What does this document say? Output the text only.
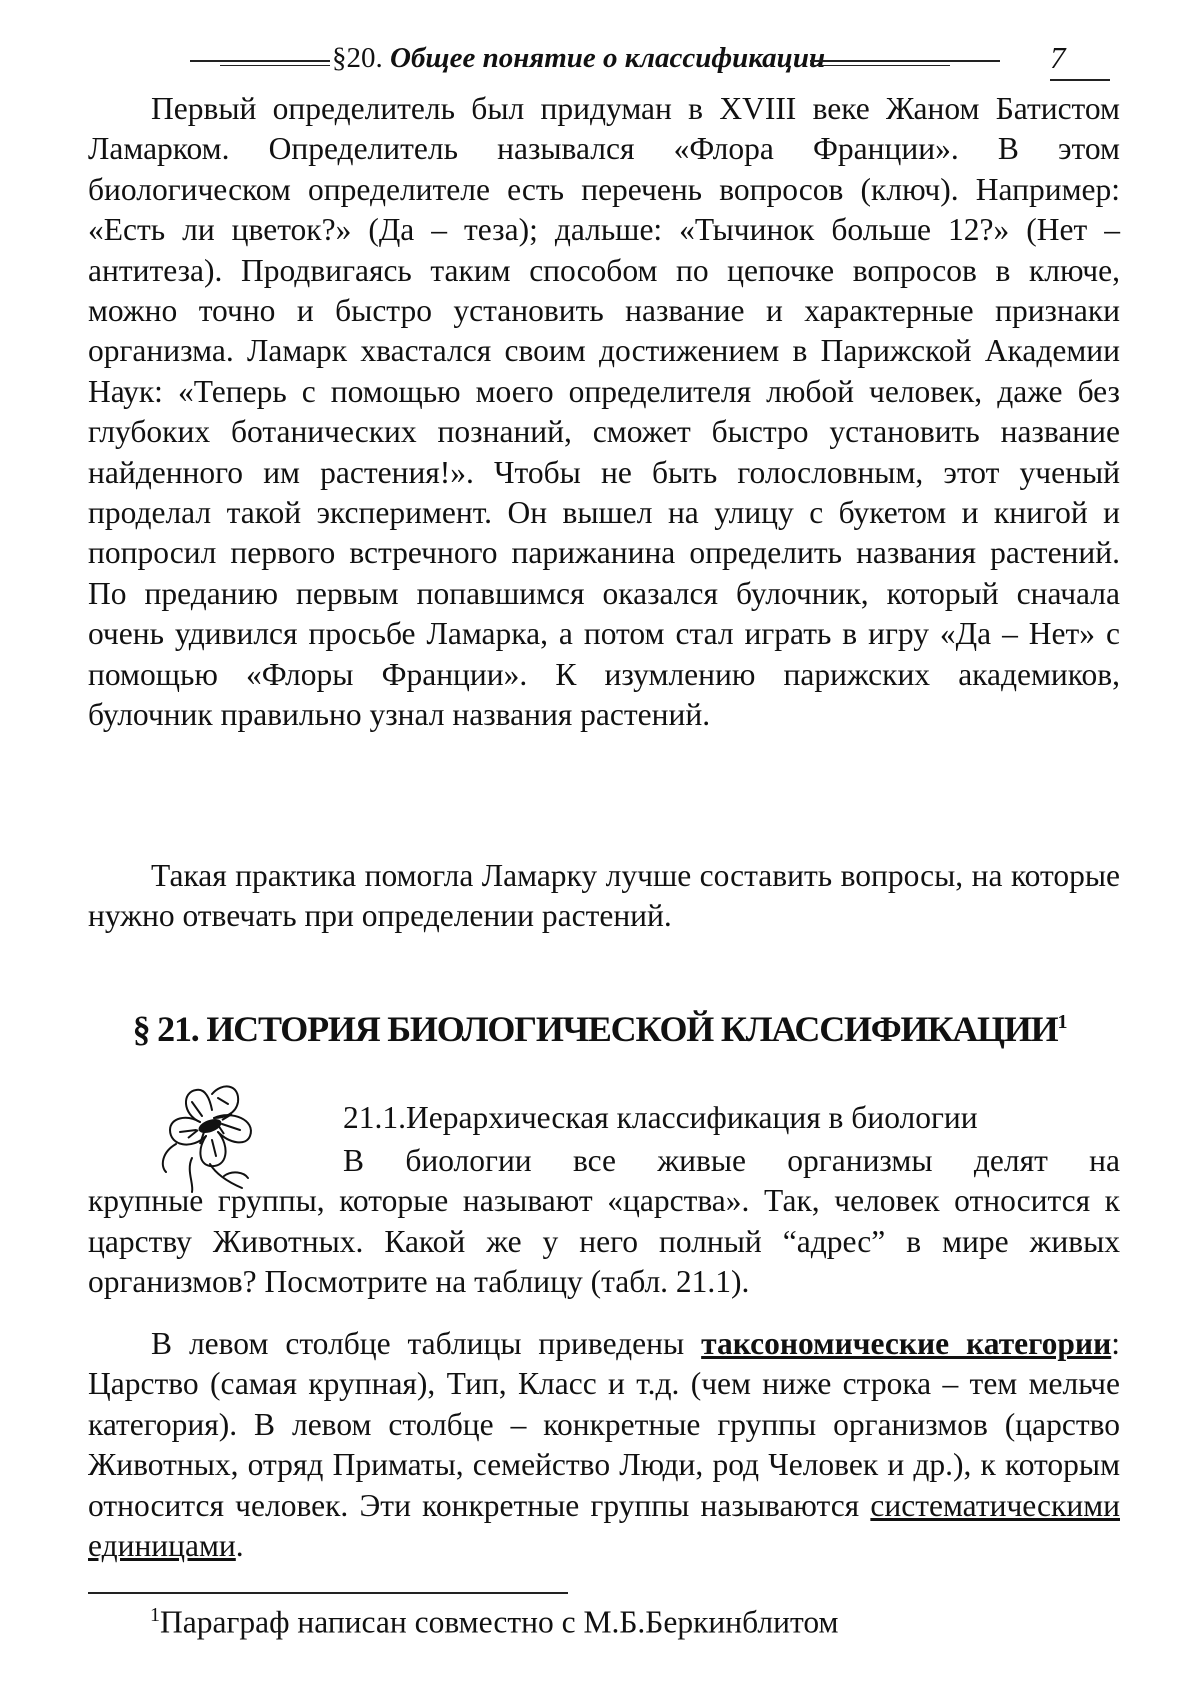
§20. Общее понятие о классификации	7

Первый определитель был придуман в XVIII веке Жаном Батистом Ламарком. Определитель назывался «Флора Франции». В этом биологическом определителе есть перечень вопросов (ключ). Например: «Есть ли цветок?» (Да – теза); дальше: «Тычинок больше 12?» (Нет – антитеза). Продвигаясь таким способом по цепочке вопросов в ключе, можно точно и быстро установить название и характерные признаки организма. Ламарк хвастался своим достижением в Парижской Академии Наук: «Теперь с помощью моего определителя любой человек, даже без глубоких ботанических познаний, сможет быстро установить название найденного им растения!». Чтобы не быть голословным, этот ученый проделал такой эксперимент. Он вышел на улицу с букетом и книгой и попросил первого встречного парижанина определить названия растений. По преданию первым попавшимся оказался булочник, который сначала очень удивился просьбе Ламарка, а потом стал играть в игру «Да – Нет» с помощью «Флоры Франции». К изумлению парижских академиков, булочник правильно узнал названия растений.

Такая практика помогла Ламарку лучше составить вопросы, на которые нужно отвечать при определении растений.

§ 21. ИСТОРИЯ БИОЛОГИЧЕСКОЙ КЛАССИФИКАЦИИ$^1$
21.1.Иерархическая классификация в биологии

В биологии все живые организмы делят на
крупные группы, которые называют «царства». Так, человек относится к царству Животных. Какой же у него полный “адрес” в мире живых организмов? Посмотрите на таблицу (табл. 21.1).

В левом столбце таблицы приведены таксономические категории: Царство (самая крупная), Тип, Класс и т.д. (чем ниже строка – тем мельче категория). В левом столбце – конкретные группы организмов (царство Животных, отряд Приматы, семейство Люди, род Человек и др.), к которым относится человек. Эти конкретные группы называются систематическими единицами.

$^1$Параграф написан совместно с М.Б.Беркинблитом
